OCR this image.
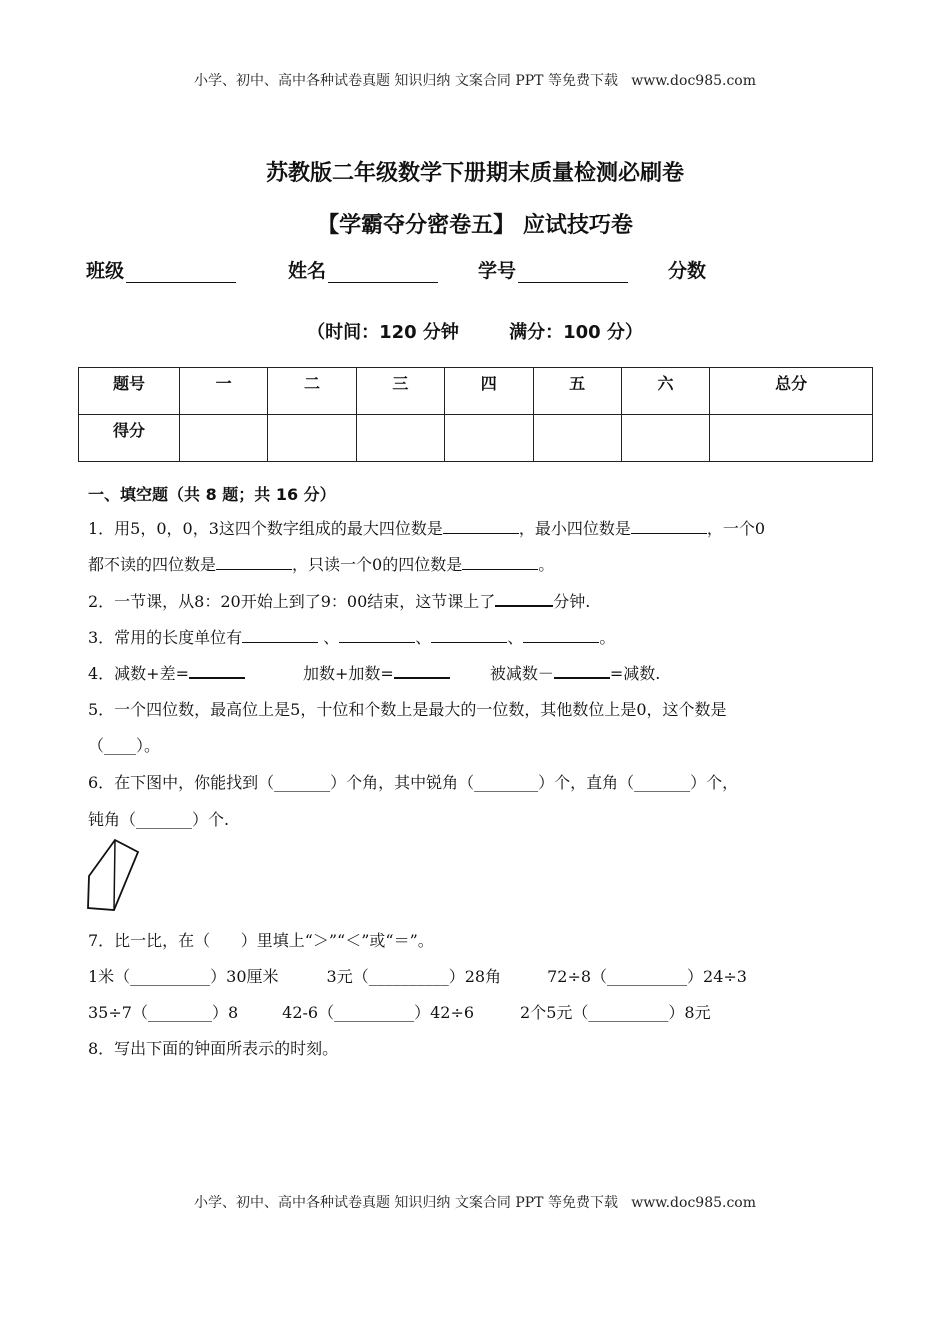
小学、初中、高中各种试卷真题 知识归纳 文案合同 PPT 等免费下载   www.doc985.com
苏教版二年级数学下册期末质量检测必刷卷
【学霸夺分密卷五】 应试技巧卷
班级	姓名	学号	分数
（时间：120 分钟        满分：100 分）
题号	一	二	三	四	五	六	总分
得分							
一、填空题（共 8 题；共 16 分）
1．用5，0，0，3这四个数字组成的最大四位数是	，最小四位数是	，一个0
都不读的四位数是	，只读一个0的四位数是	。
2．一节课，从8：20开始上到了9：00结束，这节课上了	分钟.
3．常用的长度单位有	、	、	、	。
4．减数+差=	加数+加数=	被减数－	=减数.
5．一个四位数，最高位上是5，十位和个数上是最大的一位数，其他数位上是0，这个数是
（____）。
6．在下图中，你能找到（_______）个角，其中锐角（________）个，直角（_______）个，
钝角（_______）个.
7．比一比，在（      ）里填上“＞”“＜”或“＝”。
1米（__________）30厘米	3元（__________）28角	72÷8（__________）24÷3
35÷7（________）8	42-6（__________）42÷6	2个5元（__________）8元
8．写出下面的钟面所表示的时刻。
小学、初中、高中各种试卷真题 知识归纳 文案合同 PPT 等免费下载   www.doc985.com
